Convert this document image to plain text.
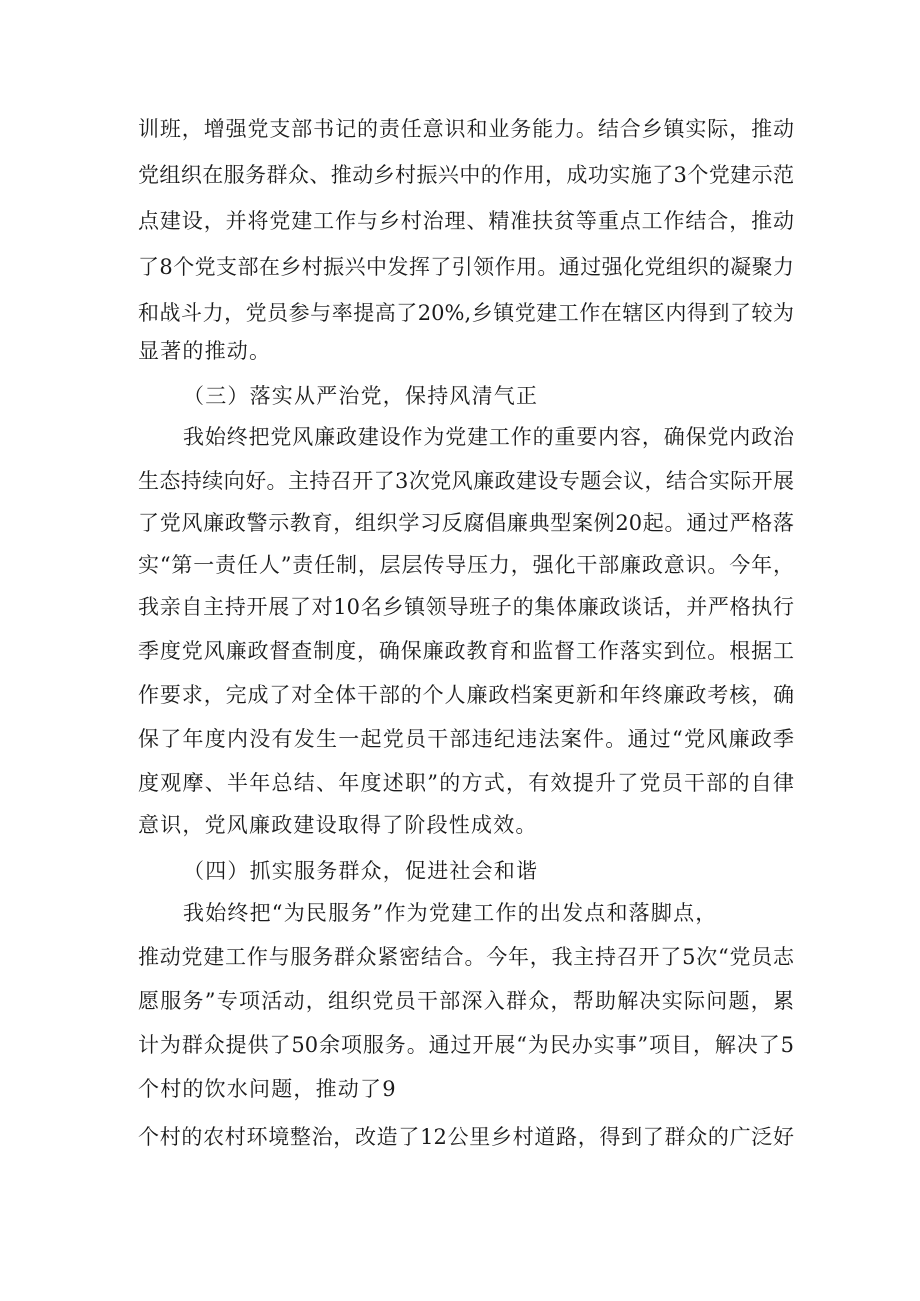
训班，增强党支部书记的责任意识和业务能力。结合乡镇实际，推动
党组织在服务群众、推动乡村振兴中的作用，成功实施了3个党建示范
点建设，并将党建工作与乡村治理、精准扶贫等重点工作结合，推动
了8个党支部在乡村振兴中发挥了引领作用。通过强化党组织的凝聚力
和战斗力，党员参与率提高了20%,乡镇党建工作在辖区内得到了较为
显著的推动。
（三）落实从严治党，保持风清气正
我始终把党风廉政建设作为党建工作的重要内容，确保党内政治
生态持续向好。主持召开了3次党风廉政建设专题会议，结合实际开展
了党风廉政警示教育，组织学习反腐倡廉典型案例20起。通过严格落
实“第一责任人”责任制，层层传导压力，强化干部廉政意识。今年，
我亲自主持开展了对10名乡镇领导班子的集体廉政谈话，并严格执行
季度党风廉政督查制度，确保廉政教育和监督工作落实到位。根据工
作要求，完成了对全体干部的个人廉政档案更新和年终廉政考核，确
保了年度内没有发生一起党员干部违纪违法案件。通过“党风廉政季
度观摩、半年总结、年度述职”的方式，有效提升了党员干部的自律
意识，党风廉政建设取得了阶段性成效。
（四）抓实服务群众，促进社会和谐
我始终把“为民服务”作为党建工作的出发点和落脚点，
推动党建工作与服务群众紧密结合。今年，我主持召开了5次“党员志
愿服务”专项活动，组织党员干部深入群众，帮助解决实际问题，累
计为群众提供了50余项服务。通过开展“为民办实事”项目，解决了5
个村的饮水问题，推动了9
个村的农村环境整治，改造了12公里乡村道路，得到了群众的广泛好
